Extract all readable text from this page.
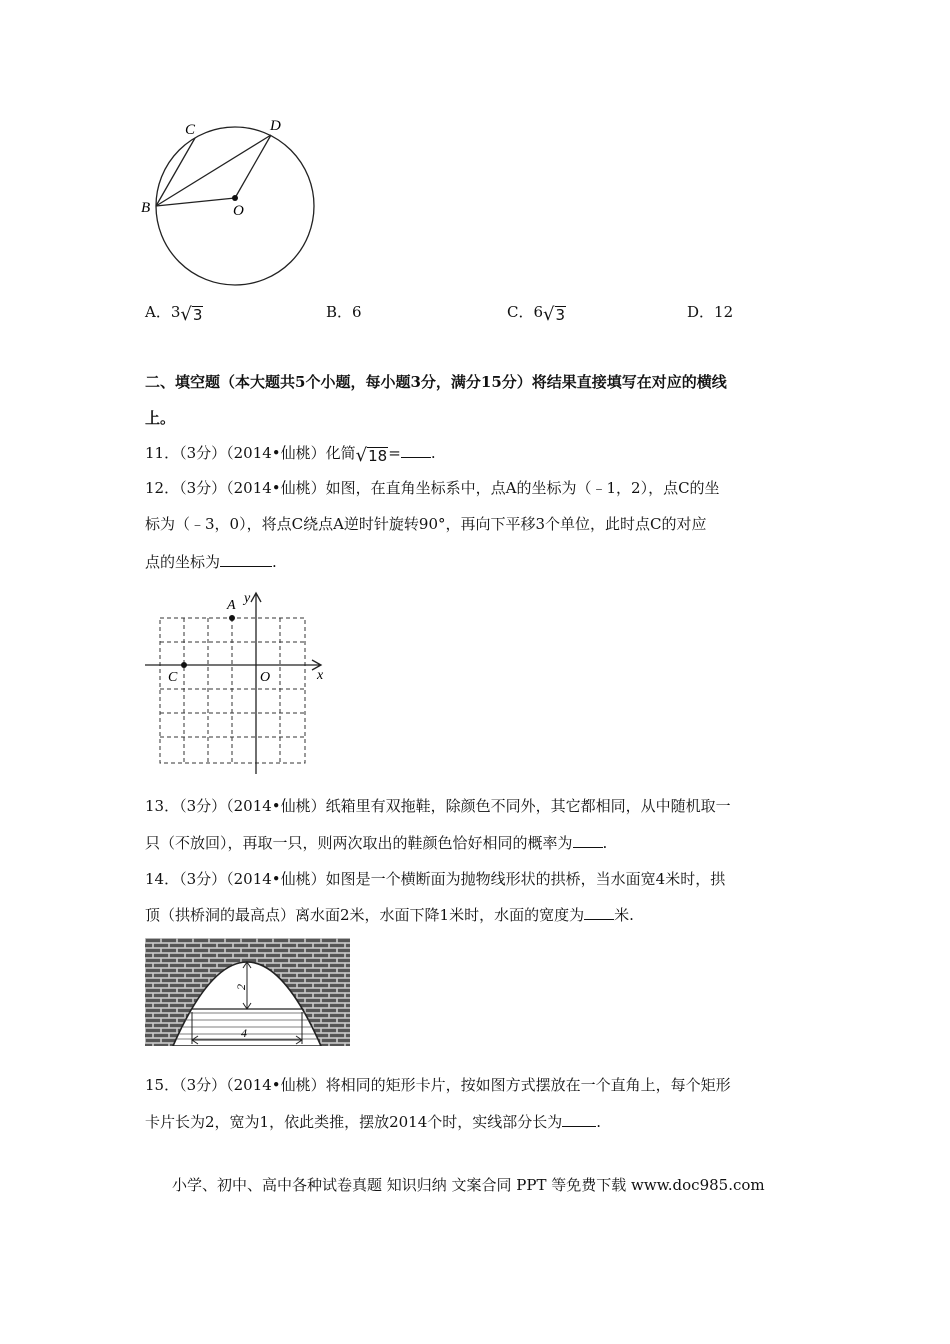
C	D
B	O
A．3 √ 3	B．6	C．6 √ 3	D．12
二、填空题（本大题共5个小题，每小题3分，满分15分）将结果直接填写在对应的横线
上。
11．（3分）（2014•仙桃）化简 √ 18 = .
12．（3分）（2014•仙桃）如图，在直角坐标系中，点A的坐标为（﹣1，2），点C的坐
标为（﹣3，0），将点C绕点A逆时针旋转90°，再向下平移3个单位，此时点C的对应
点的坐标为	.
A y
C	O	x
13．（3分）（2014•仙桃）纸箱里有双拖鞋，除颜色不同外，其它都相同，从中随机取一
只（不放回），再取一只，则两次取出的鞋颜色恰好相同的概率为 .
14．（3分）（2014•仙桃）如图是一个横断面为抛物线形状的拱桥，当水面宽4米时，拱
顶（拱桥洞的最高点）离水面2米，水面下降1米时，水面的宽度为 米.
2
4
15．（3分）（2014•仙桃）将相同的矩形卡片，按如图方式摆放在一个直角上，每个矩形
卡片长为2，宽为1，依此类推，摆放2014个时，实线部分长为 .
小学、初中、高中各种试卷真题 知识归纳 文案合同 PPT 等免费下载 www.doc985.com
